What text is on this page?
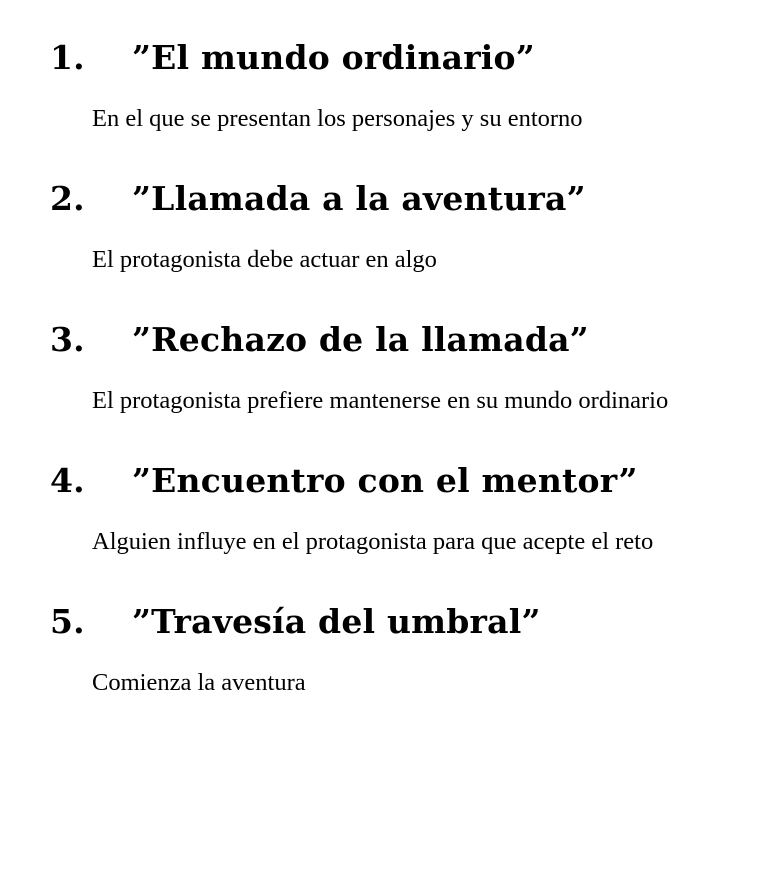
1.	”El mundo ordinario”

En el que se presentan los personajes y su entorno

2.	”Llamada a la aventura”

El protagonista debe actuar en algo

3.	”Rechazo de la llamada”

El protagonista prefiere mantenerse en su mundo ordinario

4.	”Encuentro con el mentor”

Alguien influye en el protagonista para que acepte el reto

5.	”Travesía del umbral”

Comienza la aventura
